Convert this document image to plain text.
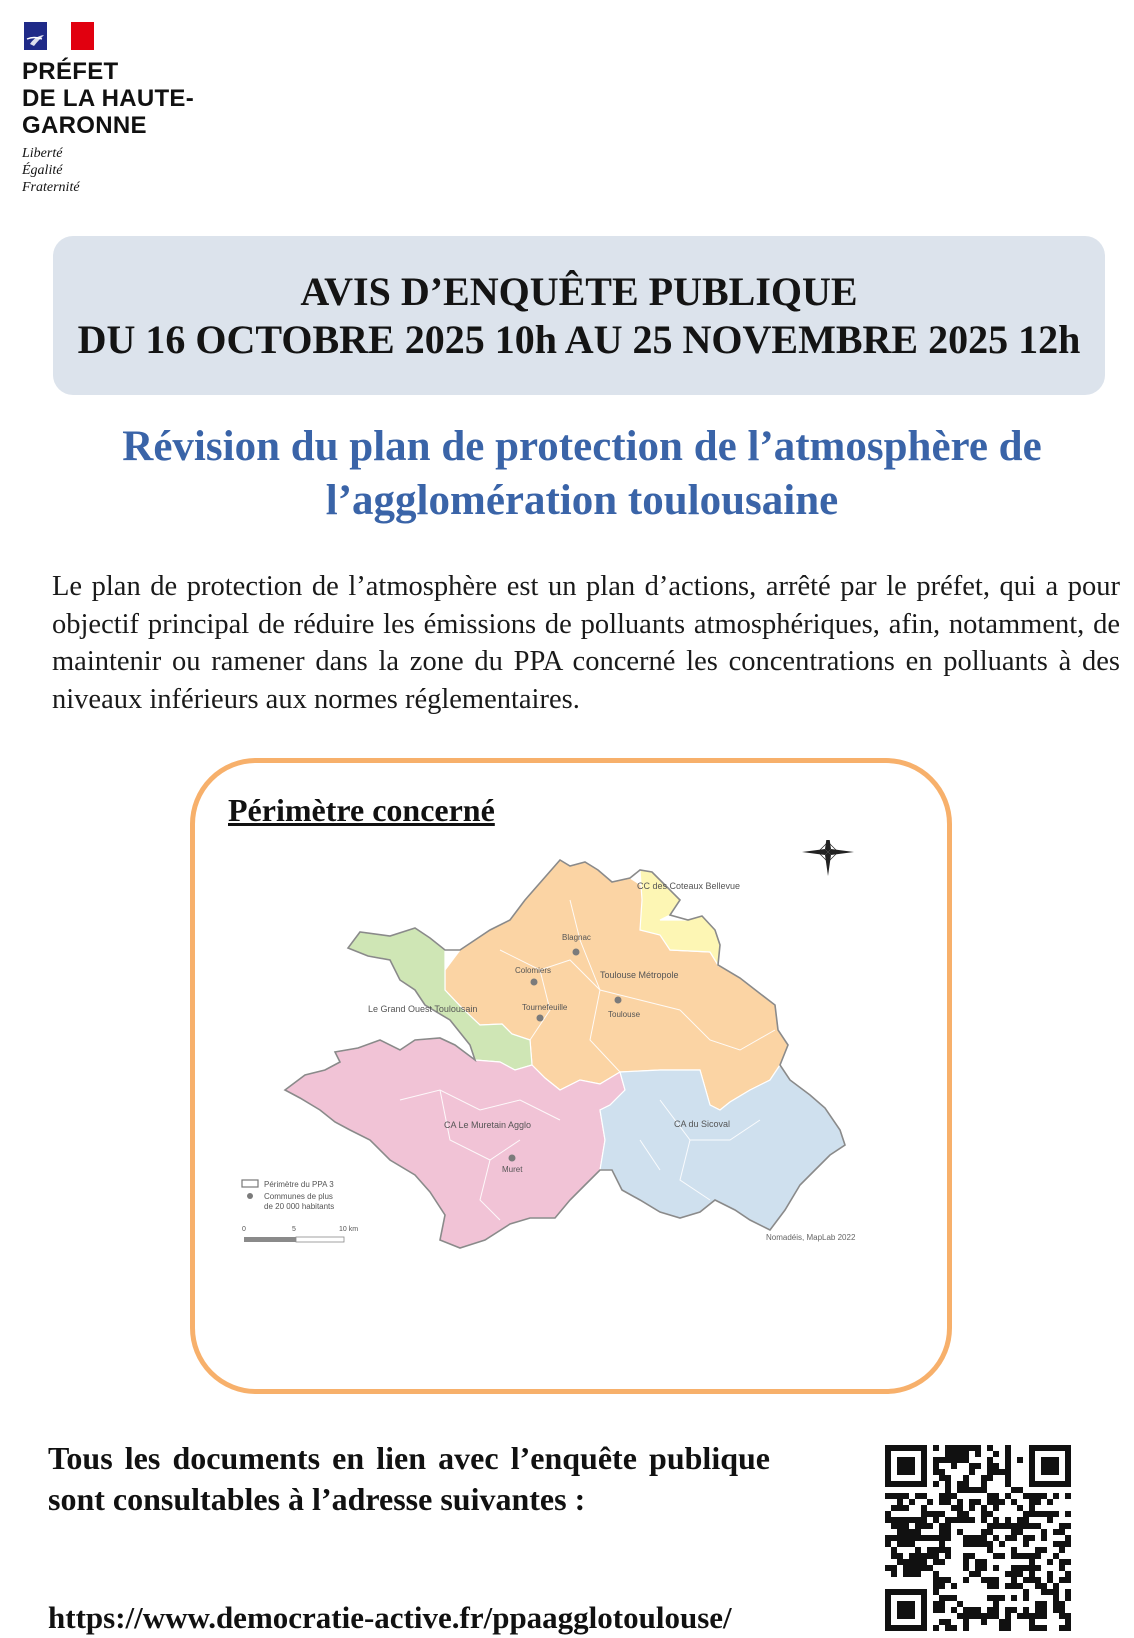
PRÉFET
DE LA HAUTE-
GARONNE
Liberté
Égalité
Fraternité
AVIS D’ENQUÊTE PUBLIQUE
DU 16 OCTOBRE 2025 10h AU 25 NOVEMBRE 2025 12h
Révision du plan de protection de l’atmosphère de
l’agglomération toulousaine

Le plan de protection de l’atmosphère est un plan d’actions, arrêté par le préfet, qui a pour objectif principal de réduire les émissions de polluants atmosphériques, afin, notamment, de maintenir ou ramener dans la zone du PPA concerné les concentrations en polluants à des niveaux inférieurs aux normes réglementaires.

Périmètre concerné
Blagnac
Colomiers
Tournefeuille
Toulouse
Muret
CC des Coteaux Bellevue
Toulouse Métropole
Le Grand Ouest Toulousain
CA Le Muretain Agglo	CA du Sicoval
Périmètre du PPA 3
Communes de plus
de 20 000 habitants
0	5	10 km
Nomadéis, MapLab 2022

Tous les documents en lien avec l’enquête publique sont consultables à l’adresse suivantes :

https://www.democratie-active.fr/ppaagglotoulouse/
